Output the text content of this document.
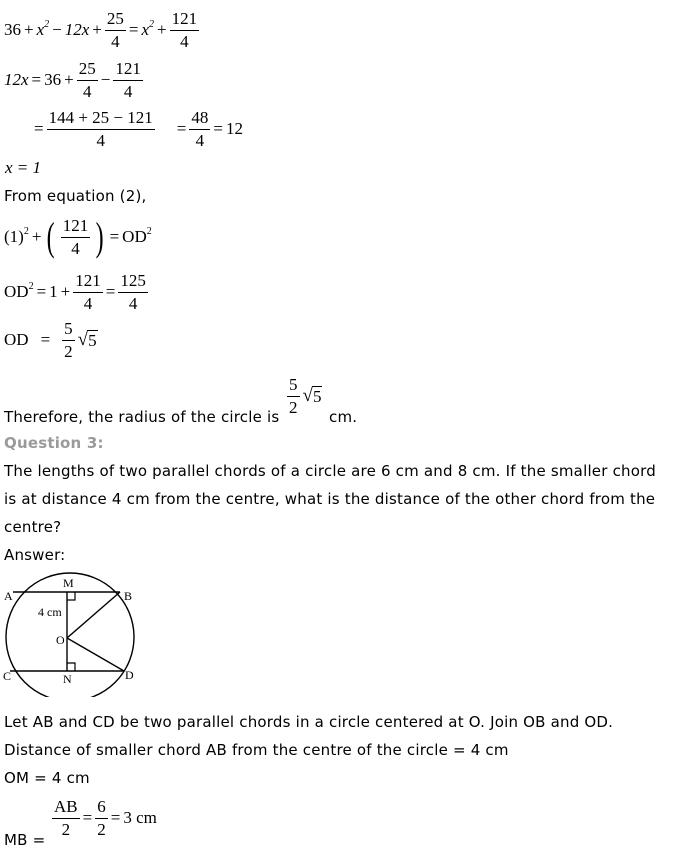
$36 + x^2 - 12x + \frac{25}{4} = x^2 + \frac{121}{4}$
$12x = 36 + \frac{25}{4} - \frac{121}{4}$
= $\frac{144 + 25 - 121}{4} = \frac{48}{4} = 12$
x = 1
From equation (2),
$(1)^2$ + ( $\frac{121}{4}$ ) = $OD^2$
$OD^2 = 1 + \frac{121}{4} = \frac{125}{4}$
OD = $\frac{5}{2}$ √ 5
Therefore, the radius of the circle is
$\frac{5}{2}$ √ 5
cm.
Question 3:
The lengths of two parallel chords of a circle are 6 cm and 8 cm. If the smaller chord
is at distance 4 cm from the centre, what is the distance of the other chord from the
centre?
Answer:
M
A	B
O
C	N	D
4 cm
Let AB and CD be two parallel chords in a circle centered at O. Join OB and OD.
Distance of smaller chord AB from the centre of the circle = 4 cm
OM = 4 cm
MB =
$\frac{AB}{2} = \frac{6}{2} = 3$ cm
